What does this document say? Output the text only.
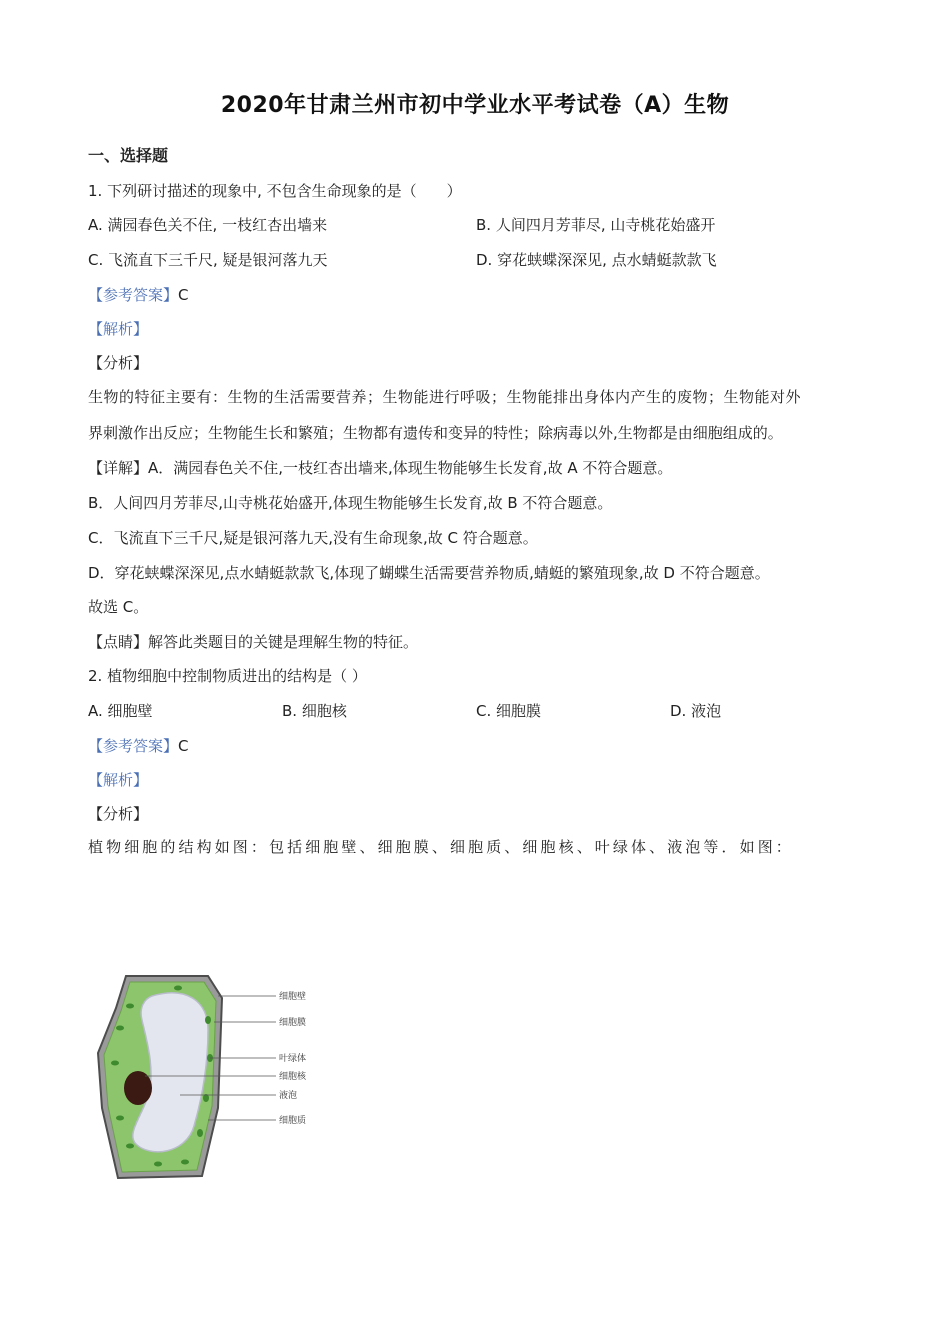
2020年甘肃兰州市初中学业水平考试卷（A）生物
一、选择题
1. 下列研讨描述的现象中, 不包含生命现象的是（　　）
A. 满园春色关不住, 一枝红杏出墙来	B. 人间四月芳菲尽, 山寺桃花始盛开
C. 飞流直下三千尺, 疑是银河落九天	D. 穿花蛱蝶深深见, 点水蜻蜓款款飞
【参考答案】C
【解析】
【分析】
生物的特征主要有：生物的生活需要营养；生物能进行呼吸；生物能排出身体内产生的废物；生物能对外
界刺激作出反应；生物能生长和繁殖；生物都有遗传和变异的特性；除病毒以外,生物都是由细胞组成的。
【详解】A．满园春色关不住,一枝红杏出墙来,体现生物能够生长发育,故 A 不符合题意。
B．人间四月芳菲尽,山寺桃花始盛开,体现生物能够生长发育,故 B 不符合题意。
C．飞流直下三千尺,疑是银河落九天,没有生命现象,故 C 符合题意。
D．穿花蛱蝶深深见,点水蜻蜓款款飞,体现了蝴蝶生活需要营养物质,蜻蜓的繁殖现象,故 D 不符合题意。
故选 C。
【点睛】解答此类题目的关键是理解生物的特征。
2. 植物细胞中控制物质进出的结构是（ ）
A. 细胞壁	B. 细胞核	C. 细胞膜	D. 液泡
【参考答案】C
【解析】
【分析】
植物细胞的结构如图：包括细胞壁、细胞膜、细胞质、细胞核、叶绿体、液泡等．如图：
细胞壁
细胞膜
叶绿体
细胞核
液泡
细胞质
